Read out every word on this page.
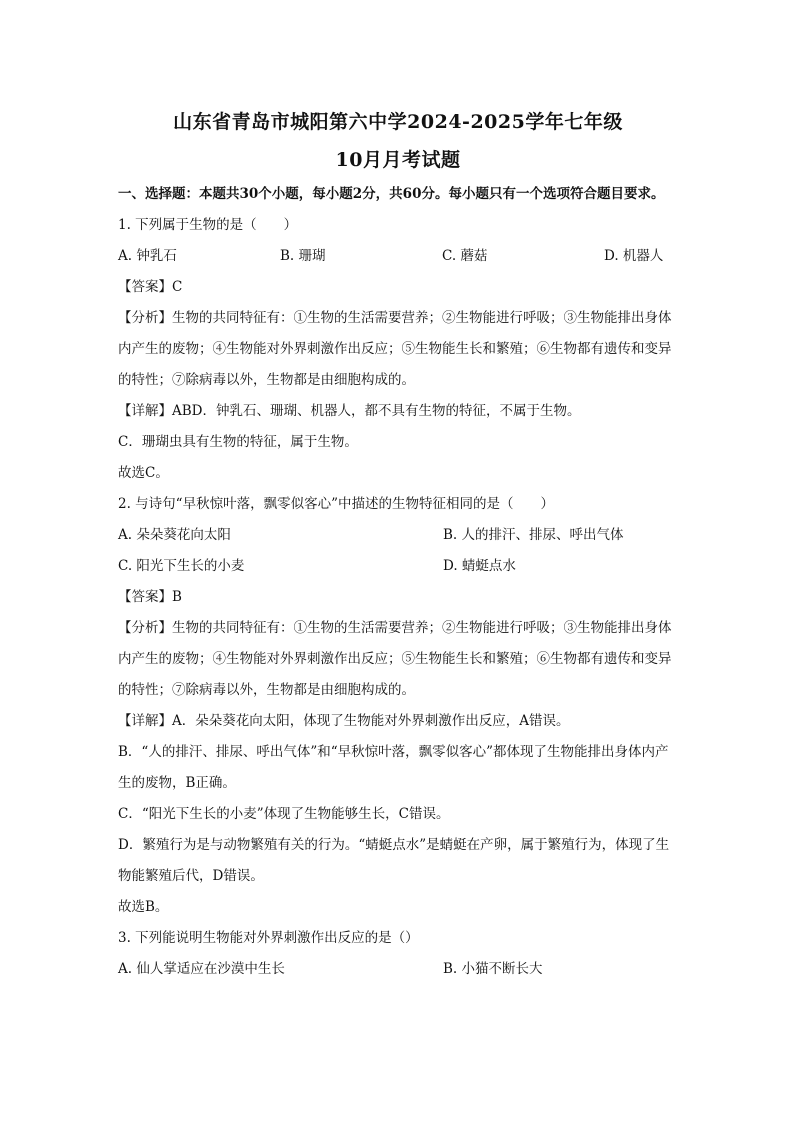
山东省青岛市城阳第六中学2024-2025学年七年级
10月月考试题
一、选择题：本题共30个小题，每小题2分，共60分。每小题只有一个选项符合题目要求。
1. 下列属于生物的是（　　）
A. 钟乳石	B. 珊瑚	C. 蘑菇	D. 机器人
【答案】C
【分析】生物的共同特征有：①生物的生活需要营养；②生物能进行呼吸；③生物能排出身体内产生的废物；④生物能对外界刺激作出反应；⑤生物能生长和繁殖；⑥生物都有遗传和变异的特性；⑦除病毒以外，生物都是由细胞构成的。
【详解】ABD．钟乳石、珊瑚、机器人，都不具有生物的特征，不属于生物。
C．珊瑚虫具有生物的特征，属于生物。
故选C。
2. 与诗句“早秋惊叶落，飘零似客心”中描述的生物特征相同的是（　　）
A. 朵朵葵花向太阳	B. 人的排汗、排尿、呼出气体
C. 阳光下生长的小麦	D. 蜻蜓点水
【答案】B
【分析】生物的共同特征有：①生物的生活需要营养；②生物能进行呼吸；③生物能排出身体内产生的废物；④生物能对外界刺激作出反应；⑤生物能生长和繁殖；⑥生物都有遗传和变异的特性；⑦除病毒以外，生物都是由细胞构成的。
【详解】A．朵朵葵花向太阳，体现了生物能对外界刺激作出反应，A错误。
B．“人的排汗、排尿、呼出气体”和“早秋惊叶落，飘零似客心”都体现了生物能排出身体内产生的废物，B正确。
C．“阳光下生长的小麦”体现了生物能够生长，C错误。
D．繁殖行为是与动物繁殖有关的行为。“蜻蜓点水”是蜻蜓在产卵，属于繁殖行为，体现了生物能繁殖后代，D错误。
故选B。
3. 下列能说明生物能对外界刺激作出反应的是（）
A. 仙人掌适应在沙漠中生长	B. 小猫不断长大
